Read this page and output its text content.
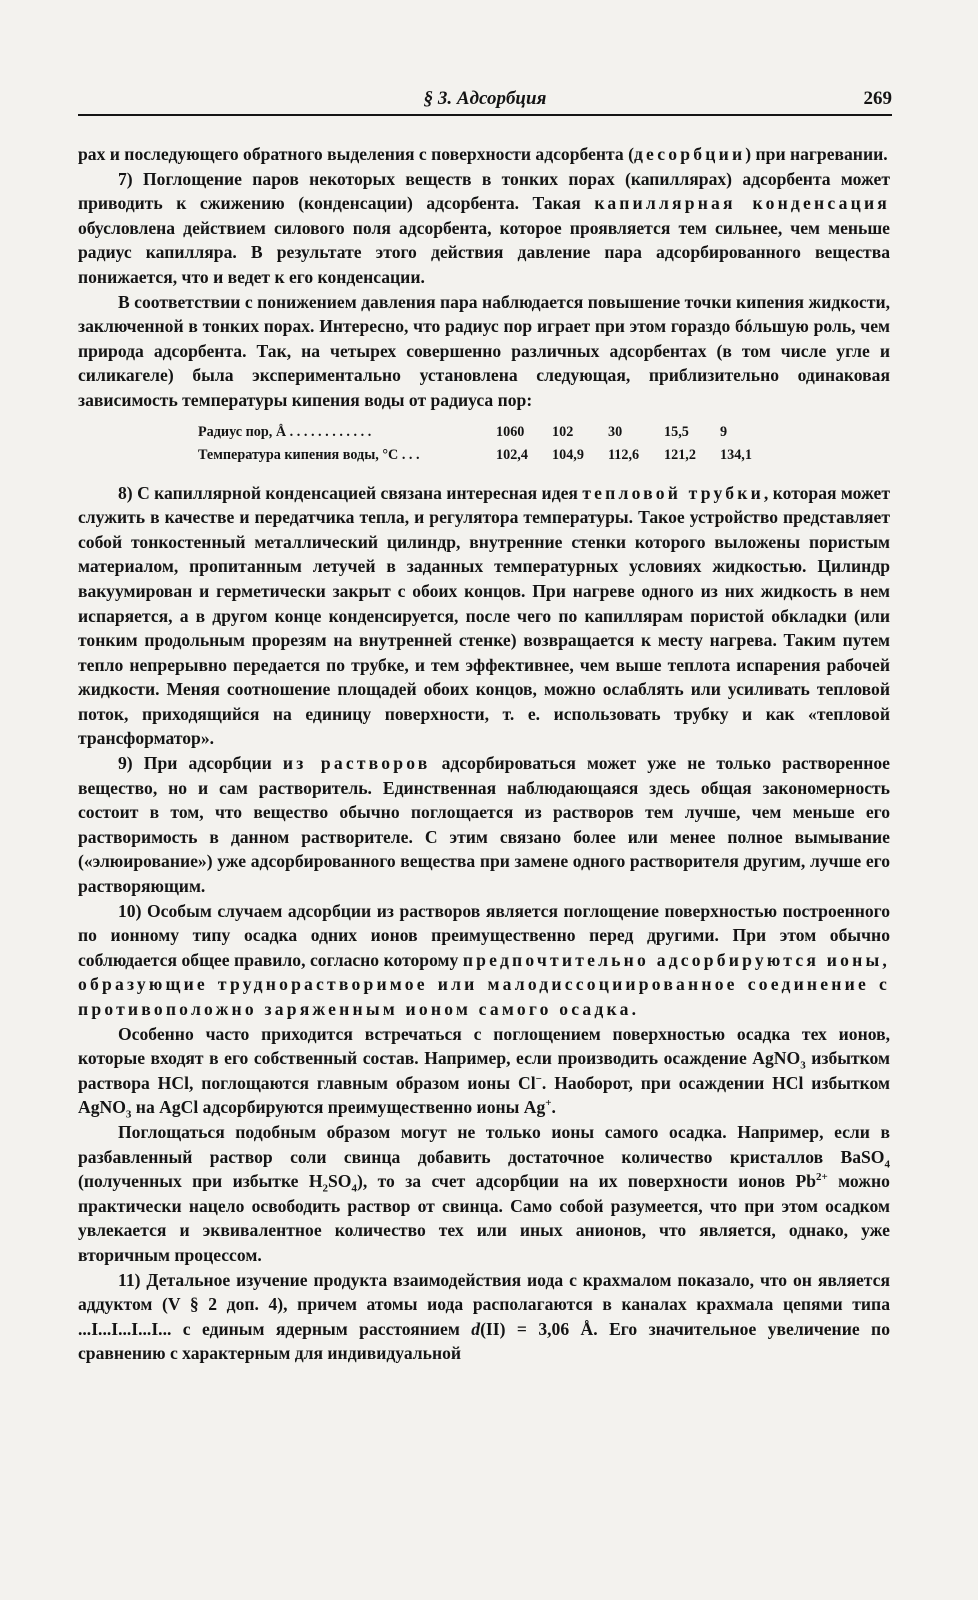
§ 3. Адсорбция	269

рах и последующего обратного выделения с поверхности адсорбента (десорбции) при нагревании.

7) Поглощение паров некоторых веществ в тонких порах (капиллярах) адсорбента может приводить к сжижению (конденсации) адсорбента. Такая капиллярная конденсация обусловлена действием силового поля адсорбента, которое проявляется тем сильнее, чем меньше радиус капилляра. В результате этого действия давление пара адсорбированного вещества понижается, что и ведет к его конденсации.

В соответствии с понижением давления пара наблюдается повышение точки кипения жидкости, заключенной в тонких порах. Интересно, что радиус пор играет при этом гораздо бóльшую роль, чем природа адсорбента. Так, на четырех совершенно различных адсорбентах (в том числе угле и силикагеле) была экспериментально установлена следующая, приблизительно одинаковая зависимость температуры кипения воды от радиуса пор:

Радиус пор, Å . . . . . . . . . . . .	1060	102	30	15,5	9
Температура кипения воды, °С . . .	102,4	104,9	112,6	121,2	134,1

8) С капиллярной конденсацией связана интересная идея тепловой трубки, которая может служить в качестве и передатчика тепла, и регулятора температуры. Такое устройство представляет собой тонкостенный металлический цилиндр, внутренние стенки которого выложены пористым материалом, пропитанным летучей в заданных температурных условиях жидкостью. Цилиндр вакуумирован и герметически закрыт с обоих концов. При нагреве одного из них жидкость в нем испаряется, а в другом конце конденсируется, после чего по капиллярам пористой обкладки (или тонким продольным прорезям на внутренней стенке) возвращается к месту нагрева. Таким путем тепло непрерывно передается по трубке, и тем эффективнее, чем выше теплота испарения рабочей жидкости. Меняя соотношение площадей обоих концов, можно ослаблять или усиливать тепловой поток, приходящийся на единицу поверхности, т. е. использовать трубку и как «тепловой трансформатор».

9) При адсорбции из растворов адсорбироваться может уже не только растворенное вещество, но и сам растворитель. Единственная наблюдающаяся здесь общая закономерность состоит в том, что вещество обычно поглощается из растворов тем лучше, чем меньше его растворимость в данном растворителе. С этим связано более или менее полное вымывание («элюирование») уже адсорбированного вещества при замене одного растворителя другим, лучше его растворяющим.

10) Особым случаем адсорбции из растворов является поглощение поверхностью построенного по ионному типу осадка одних ионов преимущественно перед другими. При этом обычно соблюдается общее правило, согласно которому предпочтительно адсорбируются ионы, образующие труднорастворимое или малодиссоциированное соединение с противоположно заряженным ионом самого осадка.

Особенно часто приходится встречаться с поглощением поверхностью осадка тех ионов, которые входят в его собственный состав. Например, если производить осаждение AgNO$_3$ избытком раствора HCl, поглощаются главным образом ионы Cl−. Наоборот, при осаждении HCl избытком AgNO$_3$ на AgCl адсорбируются преимущественно ионы Ag+.

Поглощаться подобным образом могут не только ионы самого осадка. Например, если в разбавленный раствор соли свинца добавить достаточное количество кристаллов BaSO$_4$ (полученных при избытке $H_2SO_4$), то за счет адсорбции на их поверхности ионов $Pb^{2+}$ можно практически нацело освободить раствор от свинца. Само собой разумеется, что при этом осадком увлекается и эквивалентное количество тех или иных анионов, что является, однако, уже вторичным процессом.

11) Детальное изучение продукта взаимодействия иода с крахмалом показало, что он является аддуктом (V § 2 доп. 4), причем атомы иода располагаются в каналах крахмала цепями типа ...I...I...I...I... с единым ядерным расстоянием d(II) = 3,06 Å. Его значительное увеличение по сравнению с характерным для индивидуальной
